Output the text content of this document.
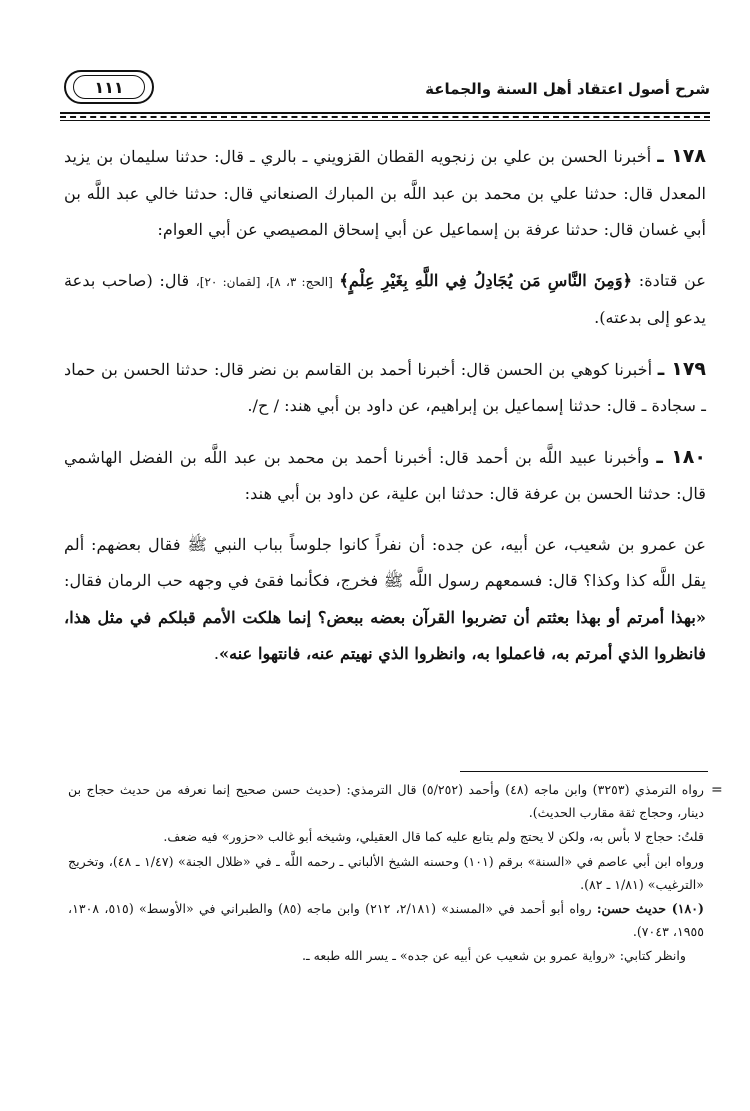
١١١	شرح أصول اعتقاد أهل السنة والجماعة

١٧٨ ـ أخبرنا الحسن بن علي بن زنجويه القطان القزويني ـ بالري ـ قال: حدثنا سليمان بن يزيد المعدل قال: حدثنا علي بن محمد بن عبد اللَّه بن المبارك الصنعاني قال: حدثنا خالي عبد اللَّه بن أبي غسان قال: حدثنا عرفة بن إسماعيل عن أبي إسحاق المصيصي عن أبي العوام:

عن قتادة: ﴿وَمِنَ النَّاسِ مَن يُجَادِلُ فِي اللَّهِ بِغَيْرِ عِلْمٍ﴾ [الحج: ٣، ٨]، [لقمان: ٢٠]، قال: (صاحب بدعة يدعو إلى بدعته).

١٧٩ ـ أخبرنا كوهي بن الحسن قال: أخبرنا أحمد بن القاسم بن نضر قال: حدثنا الحسن بن حماد ـ سجادة ـ قال: حدثنا إسماعيل بن إبراهيم، عن داود بن أبي هند: / ح/.

١٨٠ ـ وأخبرنا عبيد اللَّه بن أحمد قال: أخبرنا أحمد بن محمد بن عبد اللَّه بن الفضل الهاشمي قال: حدثنا الحسن بن عرفة قال: حدثنا ابن علية، عن داود بن أبي هند:

عن عمرو بن شعيب، عن أبيه، عن جده: أن نفراً كانوا جلوساً بباب النبي ﷺ فقال بعضهم: ألم يقل اللَّه كذا وكذا؟ قال: فسمعهم رسول اللَّه ﷺ فخرج، فكأنما فقئ في وجهه حب الرمان فقال: «بهذا أمرتم أو بهذا بعثتم أن تضربوا القرآن بعضه ببعض؟ إنما هلكت الأمم قبلكم في مثل هذا، فانظروا الذي أمرتم به، فاعملوا به، وانظروا الذي نهيتم عنه، فانتهوا عنه».

=

رواه الترمذي (٣٢٥٣) وابن ماجه (٤٨) وأحمد (٥/٢٥٢) قال الترمذي: (حديث حسن صحيح إنما نعرفه من حديث حجاج بن دينار، وحجاج ثقة مقارب الحديث).

قلتُ: حجاج لا بأس به، ولكن لا يحتج ولم يتابع عليه كما قال العقيلي، وشيخه أبو غالب «حزور» فيه ضعف.

ورواه ابن أبي عاصم في «السنة» برقم (١٠١) وحسنه الشيخ الألباني ـ رحمه اللَّه ـ في «ظلال الجنة» (١/٤٧ ـ ٤٨)، وتخريج «الترغيب» (١/٨١ ـ ٨٢).

(١٨٠) حديث حسن: رواه أبو أحمد في «المسند» (٢/١٨١، ٢١٢) وابن ماجه (٨٥) والطبراني في «الأوسط» (٥١٥، ١٣٠٨، ١٩٥٥، ٧٠٤٣).

وانظر كتابي: «رواية عمرو بن شعيب عن أبيه عن جده» ـ يسر الله طبعه ـ.
